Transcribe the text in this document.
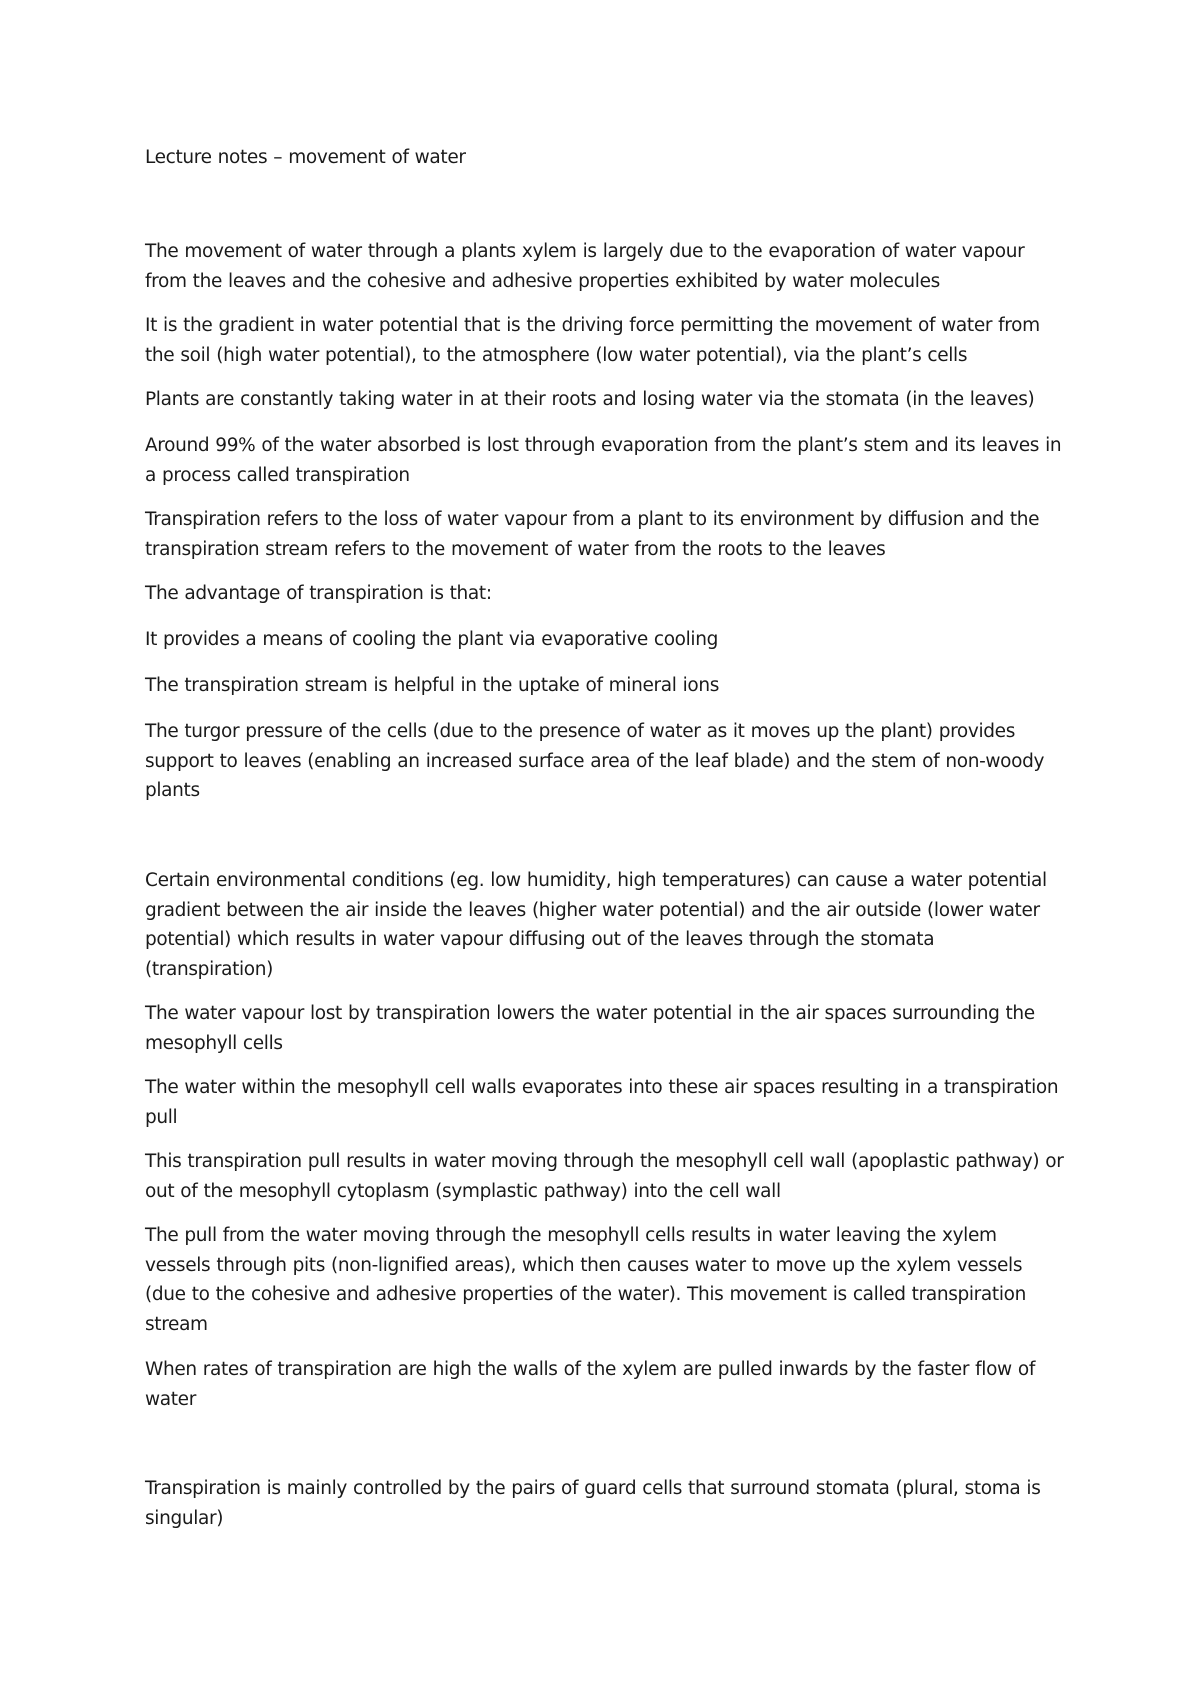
Lecture notes – movement of water

The movement of water through a plants xylem is largely due to the evaporation of water vapour from the leaves and the cohesive and adhesive properties exhibited by water molecules

It is the gradient in water potential that is the driving force permitting the movement of water from the soil (high water potential), to the atmosphere (low water potential), via the plant’s cells

Plants are constantly taking water in at their roots and losing water via the stomata (in the leaves)

Around 99% of the water absorbed is lost through evaporation from the plant’s stem and its leaves in a process called transpiration

Transpiration refers to the loss of water vapour from a plant to its environment by diffusion and the transpiration stream refers to the movement of water from the roots to the leaves

The advantage of transpiration is that:

It provides a means of cooling the plant via evaporative cooling

The transpiration stream is helpful in the uptake of mineral ions

The turgor pressure of the cells (due to the presence of water as it moves up the plant) provides support to leaves (enabling an increased surface area of the leaf blade) and the stem of non-woody plants

Certain environmental conditions (eg. low humidity, high temperatures) can cause a water potential gradient between the air inside the leaves (higher water potential) and the air outside (lower water potential) which results in water vapour diffusing out of the leaves through the stomata (transpiration)

The water vapour lost by transpiration lowers the water potential in the air spaces surrounding the mesophyll cells

The water within the mesophyll cell walls evaporates into these air spaces resulting in a transpiration pull

This transpiration pull results in water moving through the mesophyll cell wall (apoplastic pathway) or out of the mesophyll cytoplasm (symplastic pathway) into the cell wall

The pull from the water moving through the mesophyll cells results in water leaving the xylem vessels through pits (non-lignified areas), which then causes water to move up the xylem vessels (due to the cohesive and adhesive properties of the water). This movement is called transpiration stream

When rates of transpiration are high the walls of the xylem are pulled inwards by the faster flow of water

Transpiration is mainly controlled by the pairs of guard cells that surround stomata (plural, stoma is singular)
